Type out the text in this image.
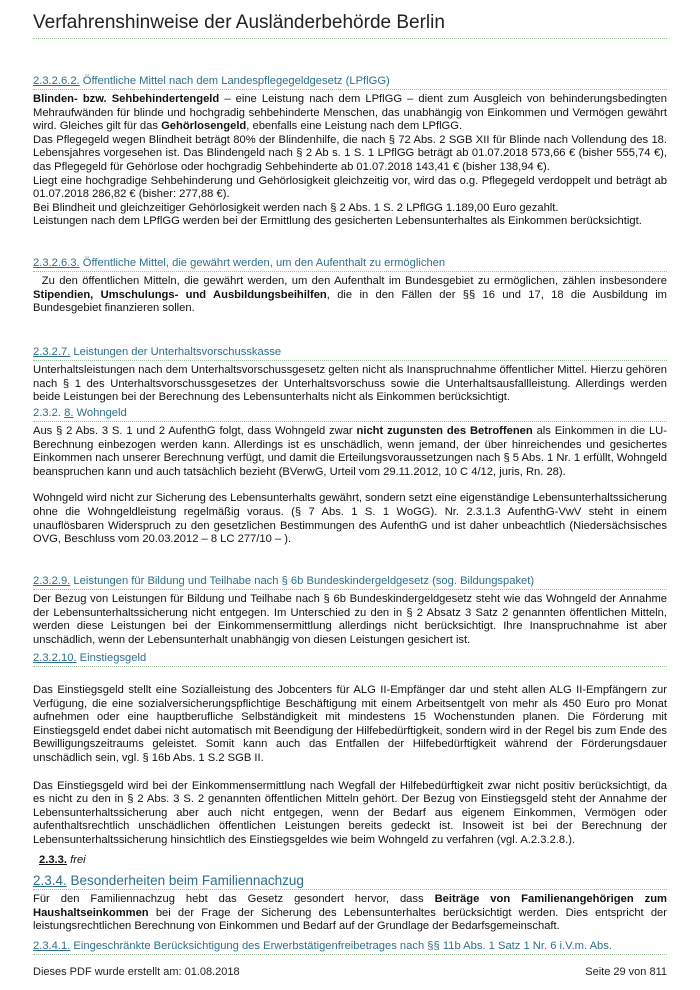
Verfahrenshinweise der Ausländerbehörde Berlin

2.3.2.6.2. Öffentliche Mittel nach dem Landespflegegeldgesetz (LPflGG)

Blinden- bzw. Sehbehindertengeld – eine Leistung nach dem LPflGG – dient zum Ausgleich von behinderungsbedingten Mehraufwänden für blinde und hochgradig sehbehinderte Menschen, das unabhängig von Einkommen und Vermögen gewährt wird. Gleiches gilt für das Gehörlosengeld, ebenfalls eine Leistung nach dem LPflGG.

Das Pflegegeld wegen Blindheit beträgt 80% der Blindenhilfe, die nach § 72 Abs. 2 SGB XII für Blinde nach Vollendung des 18. Lebensjahres vorgesehen ist. Das Blindengeld nach § 2 Ab s. 1 S. 1 LPflGG beträgt ab 01.07.2018 573,66 € (bisher 555,74 €), das Pflegegeld für Gehörlose oder hochgradig Sehbehinderte ab 01.07.2018 143,41 € (bisher 138,94 €).

Liegt eine hochgradige Sehbehinderung und Gehörlosigkeit gleichzeitig vor, wird das o.g. Pflegegeld verdoppelt und beträgt ab 01.07.2018 286,82 € (bisher: 277,88 €).

Bei Blindheit und gleichzeitiger Gehörlosigkeit werden nach § 2 Abs. 1 S. 2 LPflGG 1.189,00 Euro gezahlt.

Leistungen nach dem LPflGG werden bei der Ermittlung des gesicherten Lebensunterhaltes als Einkommen berücksichtigt.

2.3.2.6.3. Öffentliche Mittel, die gewährt werden, um den Aufenthalt zu ermöglichen

Zu den öffentlichen Mitteln, die gewährt werden, um den Aufenthalt im Bundesgebiet zu ermöglichen, zählen insbesondere Stipendien, Umschulungs- und Ausbildungsbeihilfen, die in den Fällen der §§ 16 und 17, 18 die Ausbildung im Bundesgebiet finanzieren sollen.

2.3.2.7. Leistungen der Unterhaltsvorschusskasse

Unterhaltsleistungen nach dem Unterhaltsvorschussgesetz gelten nicht als Inanspruchnahme öffentlicher Mittel. Hierzu gehören nach § 1 des Unterhaltsvorschussgesetzes der Unterhaltsvorschuss sowie die Unterhaltsausfallleistung. Allerdings werden beide Leistungen bei der Berechnung des Lebensunterhalts nicht als Einkommen berücksichtigt.

2.3.2. 8. Wohngeld

Aus § 2 Abs. 3 S. 1 und 2 AufenthG folgt, dass Wohngeld zwar nicht zugunsten des Betroffenen als Einkommen in die LU- Berechnung einbezogen werden kann. Allerdings ist es unschädlich, wenn jemand, der über hinreichendes und gesichertes Einkommen nach unserer Berechnung verfügt, und damit die Erteilungsvoraussetzungen nach § 5 Abs. 1 Nr. 1 erfüllt, Wohngeld beanspruchen kann und auch tatsächlich bezieht (BVerwG, Urteil vom 29.11.2012, 10 C 4/12, juris, Rn. 28).

Wohngeld wird nicht zur Sicherung des Lebensunterhalts gewährt, sondern setzt eine eigenständige Lebensunterhaltssicherung ohne die Wohngeldleistung regelmäßig voraus. (§ 7 Abs. 1 S. 1 WoGG). Nr. 2.3.1.3 AufenthG-VwV steht in einem unauflösbaren Widerspruch zu den gesetzlichen Bestimmungen des AufenthG und ist daher unbeachtlich (Niedersächsisches OVG, Beschluss vom 20.03.2012 – 8 LC 277/10 – ).

2.3.2.9. Leistungen für Bildung und Teilhabe nach § 6b Bundeskindergeldgesetz (sog. Bildungspaket)

Der Bezug von Leistungen für Bildung und Teilhabe nach § 6b Bundeskindergeldgesetz steht wie das Wohngeld der Annahme der Lebensunterhaltssicherung nicht entgegen. Im Unterschied zu den in § 2 Absatz 3 Satz 2 genannten öffentlichen Mitteln, werden diese Leistungen bei der Einkommensermittlung allerdings nicht berücksichtigt. Ihre Inanspruchnahme ist aber unschädlich, wenn der Lebensunterhalt unabhängig von diesen Leistungen gesichert ist.

2.3.2.10. Einstiegsgeld

Das Einstiegsgeld stellt eine Sozialleistung des Jobcenters für ALG II-Empfänger dar und steht allen ALG II-Empfängern zur Verfügung, die eine sozialversicherungspflichtige Beschäftigung mit einem Arbeitsentgelt von mehr als 450 Euro pro Monat aufnehmen oder eine hauptberufliche Selbständigkeit mit mindestens 15 Wochenstunden planen. Die Förderung mit Einstiegsgeld endet dabei nicht automatisch mit Beendigung der Hilfebedürftigkeit, sondern wird in der Regel bis zum Ende des Bewilligungszeitraums geleistet. Somit kann auch das Entfallen der Hilfebedürftigkeit während der Förderungsdauer unschädlich sein, vgl. § 16b Abs. 1 S.2 SGB II.

Das Einstiegsgeld wird bei der Einkommensermittlung nach Wegfall der Hilfebedürftigkeit zwar nicht positiv berücksichtigt, da es nicht zu den in § 2 Abs. 3 S. 2 genannten öffentlichen Mitteln gehört. Der Bezug von Einstiegsgeld steht der Annahme der Lebensunterhaltssicherung aber auch nicht entgegen, wenn der Bedarf aus eigenem Einkommen, Vermögen oder aufenthaltsrechtlich unschädlichen öffentlichen Leistungen bereits gedeckt ist. Insoweit ist bei der Berechnung der Lebensunterhaltssicherung hinsichtlich des Einstiegsgeldes wie beim Wohngeld zu verfahren (vgl. A.2.3.2.8.).

2.3.3. frei

2.3.4. Besonderheiten beim Familiennachzug

Für den Familiennachzug hebt das Gesetz gesondert hervor, dass Beiträge von Familienangehörigen zum Haushaltseinkommen bei der Frage der Sicherung des Lebensunterhaltes berücksichtigt werden. Dies entspricht der leistungsrechtlichen Berechnung von Einkommen und Bedarf auf der Grundlage der Bedarfsgemeinschaft.

2.3.4.1. Eingeschränkte Berücksichtigung des Erwerbstätigenfreibetrages nach §§ 11b Abs. 1 Satz 1 Nr. 6 i.V.m. Abs.

Dieses PDF wurde erstellt am: 01.08.2018	Seite 29 von 811
